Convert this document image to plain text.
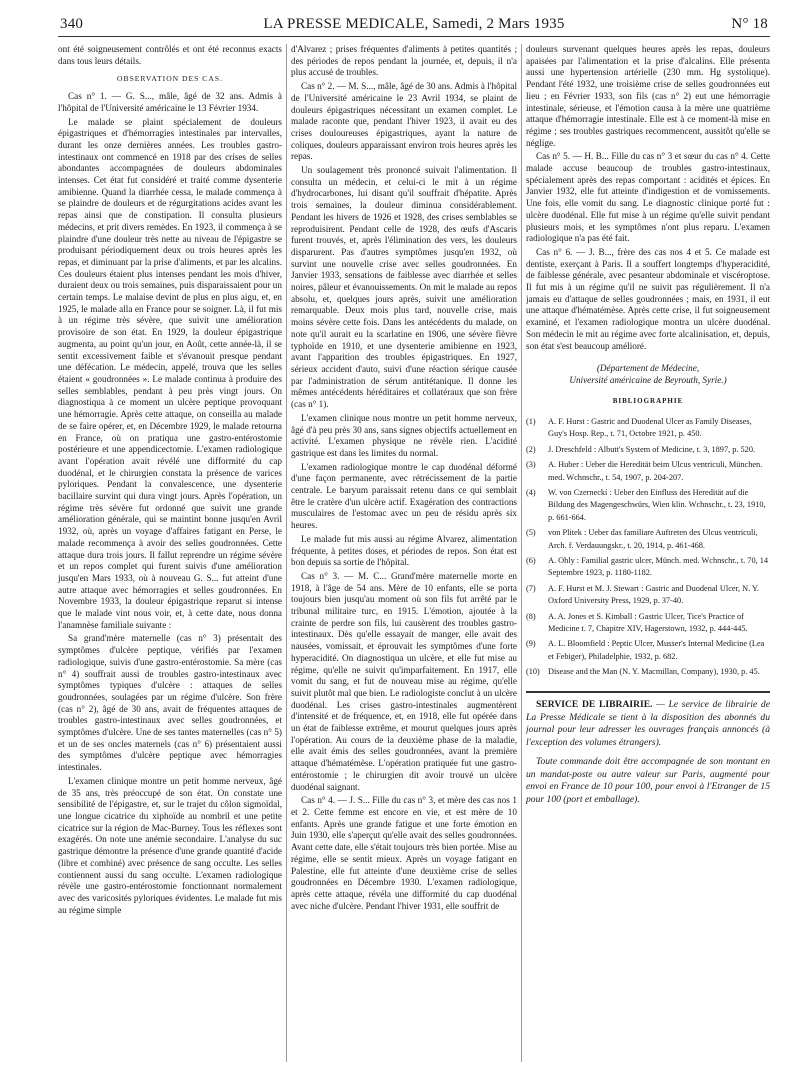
340	LA PRESSE MEDICALE, Samedi, 2 Mars 1935	N° 18

ont été soigneusement contrôlés et ont été reconnus exacts dans tous leurs détails.

OBSERVATION DES CAS.

Cas n° 1. — G. S..., mâle, âgé de 32 ans. Admis à l'hôpital de l'Université américaine le 13 Février 1934.

Le malade se plaint spécialement de douleurs épigastriques et d'hémorragies intestinales par intervalles, durant les onze dernières années. Les troubles gastro-intestinaux ont commencé en 1918 par des crises de selles abondantes accompagnées de douleurs abdominales intenses. Cet état fut considéré et traité comme dysenterie amibienne. Quand la diarrhée cessa, le malade commença à se plaindre de douleurs et de régurgitations acides avant les repas ainsi que de constipation. Il consulta plusieurs médecins, et prit divers remèdes. En 1923, il commença à se plaindre d'une douleur très nette au niveau de l'épigastre se produisant périodiquement deux ou trois heures après les repas, et diminuant par la prise d'aliments, et par les alcalins. Ces douleurs étaient plus intenses pendant les mois d'hiver, duraient deux ou trois semaines, puis disparaissaient pour un certain temps. Le malaise devint de plus en plus aigu, et, en 1925, le malade alla en France pour se soigner. Là, il fut mis à un régime très sévère, que suivit une amélioration provisoire de son état. En 1929, la douleur épigastrique augmenta, au point qu'un jour, en Août, cette année-là, il se sentit excessivement faible et s'évanouit presque pendant une défécation. Le médecin, appelé, trouva que les selles étaient « goudronnées ». Le malade continua à produire des selles semblables, pendant à peu près vingt jours. On diagnostiqua à ce moment un ulcère peptique provoquant une hémorragie. Après cette attaque, on conseilla au malade de se faire opérer, et, en Décembre 1929, le malade retourna en France, où on pratiqua une gastro-entérostomie postérieure et une appendicectomie. L'examen radiologique avant l'opération avait révélé une difformité du cap duodénal, et le chirurgien constata la présence de varices pyloriques. Pendant la convalescence, une dysenterie bacillaire survint qui dura vingt jours. Après l'opération, un régime très sévère fut ordonné que suivit une grande amélioration générale, qui se maintint bonne jusqu'en Avril 1932, où, après un voyage d'affaires fatigant en Perse, le malade recommença à avoir des selles goudronnées. Cette attaque dura trois jours. Il fallut reprendre un régime sévère et un repos complet qui furent suivis d'une amélioration jusqu'en Mars 1933, où à nouveau G. S... fut atteint d'une autre attaque avec hémorragies et selles goudronnées. En Novembre 1933, la douleur épigastrique reparut si intense que le malade vint nous voir, et, à cette date, nous donna l'anamnèse familiale suivante :

Sa grand'mère maternelle (cas n° 3) présentait des symptômes d'ulcère peptique, vérifiés par l'examen radiologique, suivis d'une gastro-entérostomie. Sa mère (cas n° 4) souffrait aussi de troubles gastro-intestinaux avec symptômes typiques d'ulcère : attaques de selles goudronnées, soulagées par un régime d'ulcère. Son frère (cas n° 2), âgé de 30 ans, avait de fréquentes attaques de troubles gastro-intestinaux avec selles goudronnées, et symptômes d'ulcère. Une de ses tantes maternelles (cas n° 5) et un de ses oncles maternels (cas n° 6) présentaient aussi des symptômes d'ulcère peptique avec hémorragies intestinales.

L'examen clinique montre un petit homme nerveux, âgé de 35 ans, très préoccupé de son état. On constate une sensibilité de l'épigastre, et, sur le trajet du côlon sigmoïdal, une longue cicatrice du xiphoïde au nombril et une petite cicatrice sur la région de Mac-Burney. Tous les réflexes sont exagérés. On note une anémie secondaire. L'analyse du suc gastrique démontre la présence d'une grande quantité d'acide (libre et combiné) avec présence de sang occulte. Les selles contiennent aussi du sang occulte. L'examen radiologique révèle une gastro-entérostomie fonctionnant normalement avec des varicosités pyloriques évidentes. Le malade fut mis au régime simple

d'Alvarez ; prises fréquentes d'aliments à petites quantités ; des périodes de repos pendant la journée, et, depuis, il n'a plus accusé de troubles.

Cas n° 2. — M. S..., mâle, âgé de 30 ans. Admis à l'hôpital de l'Université américaine le 23 Avril 1934, se plaint de douleurs épigastriques nécessitant un examen complet. Le malade raconte que, pendant l'hiver 1923, il avait eu des crises douloureuses épigastriques, ayant la nature de coliques, douleurs apparaissant environ trois heures après les repas.

Un soulagement très prononcé suivait l'alimentation. Il consulta un médecin, et celui-ci le mit à un régime d'hydrocarbones, lui disant qu'il souffrait d'hépatite. Après trois semaines, la douleur diminua considérablement. Pendant les hivers de 1926 et 1928, des crises semblables se reproduisirent. Pendant celle de 1928, des œufs d'Ascaris furent trouvés, et, après l'élimination des vers, les douleurs disparurent. Pas d'autres symptômes jusqu'en 1932, où survint une nouvelle crise avec selles goudronnées. En Janvier 1933, sensations de faiblesse avec diarrhée et selles noires, pâleur et évanouissements. On mit le malade au repos absolu, et, quelques jours après, suivit une amélioration remarquable. Deux mois plus tard, nouvelle crise, mais moins sévère cette fois. Dans les antécédents du malade, on note qu'il aurait eu la scarlatine en 1906, une sévère fièvre typhoïde en 1910, et une dysenterie amibienne en 1923, avant l'apparition des troubles épigastriques. En 1927, sérieux accident d'auto, suivi d'une réaction sérique causée par l'administration de sérum antitétanique. Il donne les mêmes antécédents héréditaires et collatéraux que son frère (cas n° 1).

L'examen clinique nous montre un petit homme nerveux, âgé d'à peu près 30 ans, sans signes objectifs actuellement en activité. L'examen physique ne révèle rien. L'acidité gastrique est dans les limites du normal.

L'examen radiologique montre le cap duodénal déformé d'une façon permanente, avec rétrécissement de la partie centrale. Le baryum paraissait retenu dans ce qui semblait être le cratère d'un ulcère actif. Exagération des contractions musculaires de l'estomac avec un peu de résidu après six heures.

Le malade fut mis aussi au régime Alvarez, alimentation fréquente, à petites doses, et périodes de repos. Son état est bon depuis sa sortie de l'hôpital.

Cas n° 3. — M. C... Grand'mère maternelle morte en 1918, à l'âge de 54 ans. Mère de 10 enfants, elle se porta toujours bien jusqu'au moment où son fils fut arrêté par le tribunal militaire turc, en 1915. L'émotion, ajoutée à la crainte de perdre son fils, lui causèrent des troubles gastro-intestinaux. Dès qu'elle essayait de manger, elle avait des nausées, vomissait, et éprouvait les symptômes d'une forte hyperacidité. On diagnostiqua un ulcère, et elle fut mise au régime, qu'elle ne suivit qu'imparfaitement. En 1917, elle vomit du sang, et fut de nouveau mise au régime, qu'elle suivit plutôt mal que bien. Le radiologiste conclut à un ulcère duodénal. Les crises gastro-intestinales augmentèrent d'intensité et de fréquence, et, en 1918, elle fut opérée dans un état de faiblesse extrême, et mourut quelques jours après l'opération. Au cours de la deuxième phase de la maladie, elle avait émis des selles goudronnées, avant la première attaque d'hématémèse. L'opération pratiquée fut une gastro-entérostomie ; le chirurgien dit avoir trouvé un ulcère duodénal saignant.

Cas n° 4. — J. S... Fille du cas n° 3, et mère des cas nos 1 et 2. Cette femme est encore en vie, et est mère de 10 enfants. Après une grande fatigue et une forte émotion en Juin 1930, elle s'aperçut qu'elle avait des selles goudronnées. Avant cette date, elle s'était toujours très bien portée. Mise au régime, elle se sentit mieux. Après un voyage fatigant en Palestine, elle fut atteinte d'une deuxième crise de selles goudronnées en Décembre 1930. L'examen radiologique, après cette attaque, révéla une difformité du cap duodénal avec niche d'ulcère. Pendant l'hiver 1931, elle souffrit de

douleurs survenant quelques heures après les repas, douleurs apaisées par l'alimentation et la prise d'alcalins. Elle présenta aussi une hypertension artérielle (230 mm. Hg systolique). Pendant l'été 1932, une troisième crise de selles goudronnées eut lieu ; en Février 1933, son fils (cas n° 2) eut une hémorragie intestinale, sérieuse, et l'émotion causa à la mère une quatrième attaque d'hémorragie intestinale. Elle est à ce moment-là mise en régime ; ses troubles gastriques recommencent, aussitôt qu'elle se néglige.

Cas n° 5. — H. B... Fille du cas n° 3 et sœur du cas n° 4. Cette malade accuse beaucoup de troubles gastro-intestinaux, spécialement après des repas comportant : acidités et épices. En Janvier 1932, elle fut atteinte d'indigestion et de vomissements. Une fois, elle vomit du sang. Le diagnostic clinique porté fut : ulcère duodénal. Elle fut mise à un régime qu'elle suivit pendant plusieurs mois, et les symptômes n'ont plus reparu. L'examen radiologique n'a pas été fait.

Cas n° 6. — J. B..., frère des cas nos 4 et 5. Ce malade est dentiste, exerçant à Paris. Il a souffert longtemps d'hyperacidité, de faiblesse générale, avec pesanteur abdominale et viscéroptose. Il fut mis à un régime qu'il ne suivit pas régulièrement. Il n'a jamais eu d'attaque de selles goudronnées ; mais, en 1931, il eut une attaque d'hématémèse. Après cette crise, il fut soigneusement examiné, et l'examen radiologique montra un ulcère duodénal. Son médecin le mit au régime avec forte alcalinisation, et, depuis, son état s'est beaucoup amélioré.

(Département de Médecine,
Université américaine de Beyrouth, Syrie.)
BIBLIOGRAPHIE
(1) A. F. Hurst : Gastric and Duodenal Ulcer as Family Diseases, Guy's Hosp. Rep., t. 71, Octobre 1921, p. 450.
(2) J. Dreschfeld : Albutt's System of Medicine, t. 3, 1897, p. 520.
(3) A. Huber : Ueber die Heredität beim Ulcus ventriculi, München. med. Wchnschr., t. 54, 1907, p. 204-207.
(4) W. von Czerneckí : Ueber den Einfluss des Heredität auf die Bildung des Magengeschwürs, Wien klin. Wchnschr., t. 23, 1910, p. 661-664.
(5) von Plitek : Ueber das familiare Auftreten des Ulcus ventriculi, Arch. f. Verdauungskr., t. 20, 1914, p. 461-468.
(6) A. Ohly : Familial gastric ulcer, Münch. med. Wchnschr., t. 70, 14 Septembre 1923, p. 1180-1182.
(7) A. F. Hurst et M. J. Stewart : Gastric and Duodenal Ulcer, N. Y. Oxford University Press, 1929, p. 37-40.
(8) A. A. Jones et S. Kimball : Gastric Ulcer, Tice's Practice of Medicine t. 7, Chapitre XIV, Hagerstown, 1932, p. 444-445.
(9) A. L. Bloomfield : Peptic Ulcer, Musser's Internal Medicine (Lea et Febiger), Philadelphie, 1932, p. 682.
(10) Disease and the Man (N. Y. Macmillan, Company), 1930, p. 45.

SERVICE DE LIBRAIRIE. — Le service de librairie de La Presse Médicale se tient à la disposition des abonnés du journal pour leur adresser les ouvrages français annoncés (à l'exception des volumes étrangers).

Toute commande doit être accompagnée de son montant en un mandat-poste ou autre valeur sur Paris, augmenté pour envoi en France de 10 pour 100, pour envoi à l'Etranger de 15 pour 100 (port et emballage).
